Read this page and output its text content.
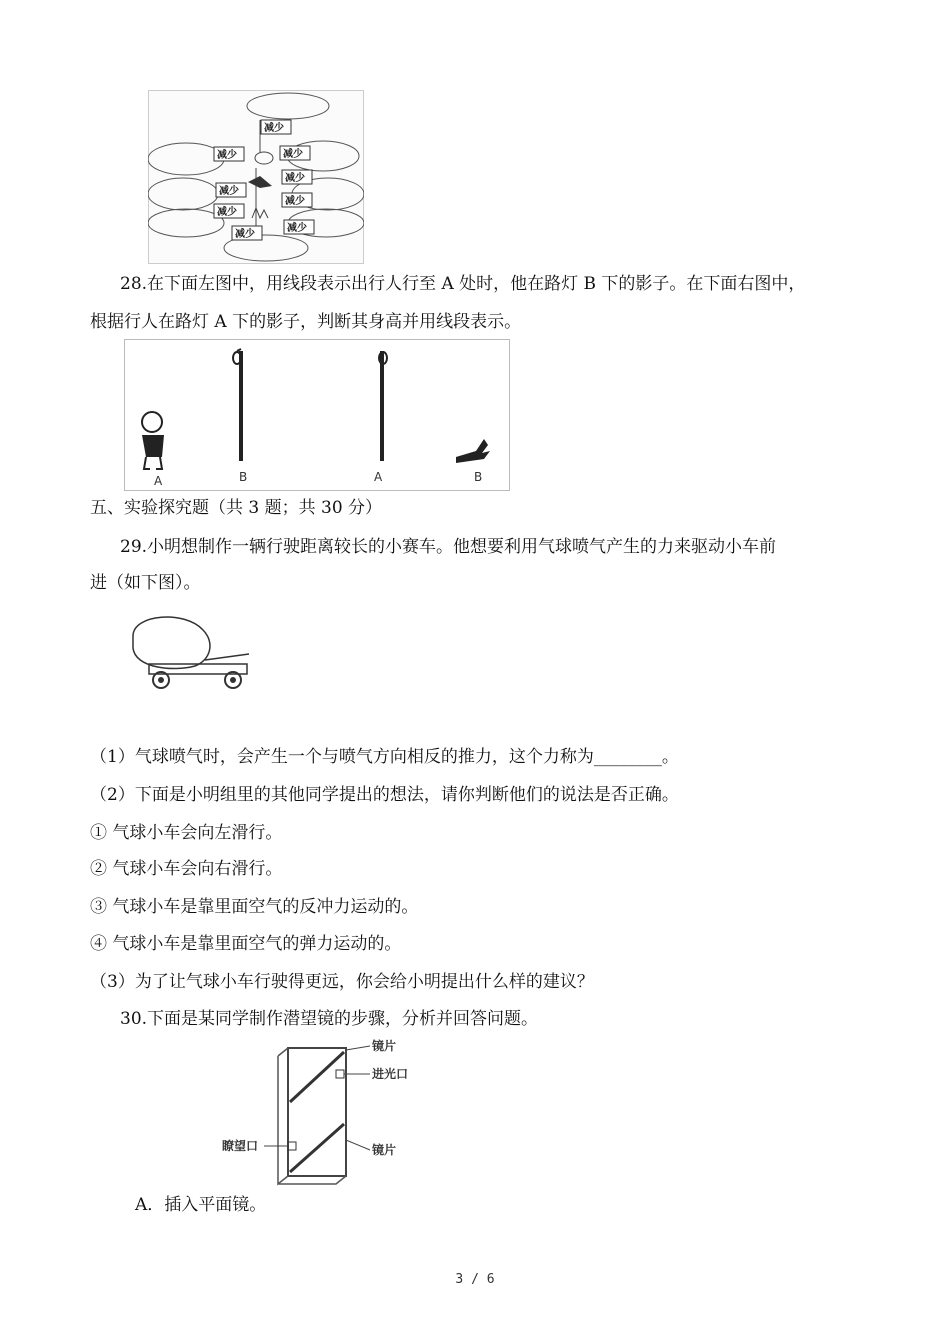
减少
减少	减少
减少
减少
减少
减少
减少
减少
28.在下面左图中，用线段表示出行人行至 A 处时，他在路灯 B 下的影子。在下面右图中，
根据行人在路灯 A 下的影子，判断其身高并用线段表示。
A	B	A	B
五、实验探究题（共 3 题；共 30 分）
29.小明想制作一辆行驶距离较长的小赛车。他想要利用气球喷气产生的力来驱动小车前
进（如下图）。
（1）气球喷气时，会产生一个与喷气方向相反的推力，这个力称为________。
（2）下面是小明组里的其他同学提出的想法，请你判断他们的说法是否正确。
① 气球小车会向左滑行。
② 气球小车会向右滑行。
③ 气球小车是靠里面空气的反冲力运动的。
④ 气球小车是靠里面空气的弹力运动的。
（3）为了让气球小车行驶得更远，你会给小明提出什么样的建议？
30.下面是某同学制作潜望镜的步骤，分析并回答问题。
镜片
进光口
瞭望口	镜片
A．插入平面镜。
3 / 6
